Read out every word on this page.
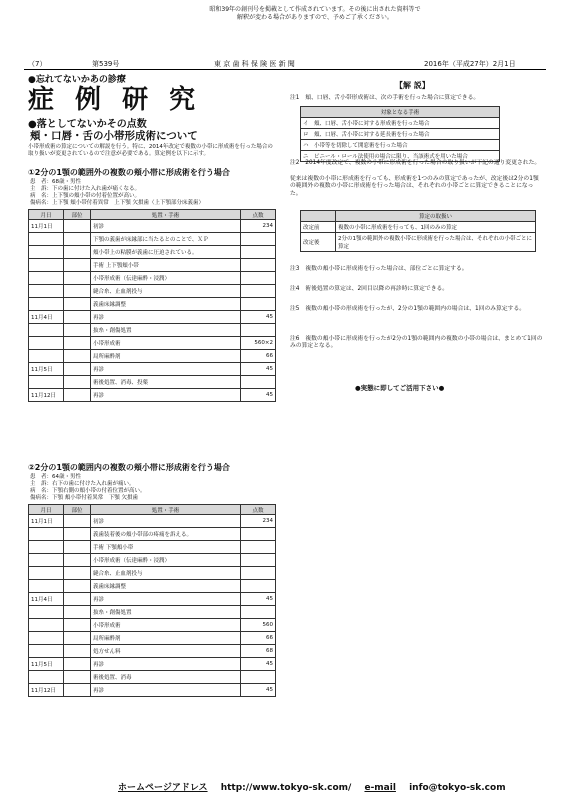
昭和39年の創刊号を掲載として作成されています。その後に出された資料等で
解釈が変わる場合がありますので、予めご了承ください。
（7）	第539号	東 京 歯 科 保 険 医 新 聞	2016年（平成27年）2月1日
●忘れてないかあの診療
症 例 研 究
●落としてないかその点数
頬・口唇・舌の小帯形成術について
小帯形成術の算定についての解説を行う。特に、2014年改定で複数の小帯に形成術を行った場合の取り扱いが変更されているので注意が必要である。算定例を以下に示す。
①2分の1顎の範囲外の複数の頬小帯に形成術を行う場合
患　者：68歳・男性
主　訴：下の歯に付けた入れ歯が痛くなる。
病　名：上下顎の頬小帯の付着位置が高い。
傷病名：上下顎 頬小帯付着異常　上下顎 欠損歯（上下顎部分床義歯）
月日	部位	処置・手術	点数
11月1日		初診	234
		下顎の義歯が床縁部に当たるとのことで、ＸＰ	
		頬小帯上の粘膜が義歯に圧迫されている。	
		手術 上下顎頬小帯	
		小帯形成術（伝達麻酔・浸潤）	
		縫合糸、止血剤投与	
		義歯床縁調整	
11月4日		再診	45
		抜糸・創傷処置	
		小帯形成術	560×2
		局所麻酔剤	66
11月5日		再診	45
		術後処置、消毒、投薬	
11月12日		再診	45
②2分の1顎の範囲内の複数の頬小帯に形成術を行う場合
患　者：64歳・男性
主　訴：右下の歯に付けた入れ歯が痛い。
病　名：下顎右側の頬小帯の付着位置が高い。
傷病名：下顎 頬小帯付着異常　下顎 欠損歯
月日	部位	処置・手術	点数
11月1日		初診	234
		義歯装着後の頬小帯部の疼痛を訴える。	
		手術 下顎頬小帯	
		小帯形成術（伝達麻酔・浸潤）	
		縫合糸、止血剤投与	
		義歯床縁調整	
11月4日		再診	45
		抜糸・創傷処置	
		小帯形成術	560
		局所麻酔剤	66
		処方せん料	68
11月5日		再診	45
		術後処置、消毒	
11月12日		再診	45
【解 説】
注1　頬、口唇、舌小帯形成術は、次の手術を行った場合に算定できる。
対象となる手術
イ　頬、口唇、舌小帯に対する形成術を行った場合
ロ　頬、口唇、舌小帯に対する延長術を行った場合
ハ　小帯等を切除して開窓術を行った場合
ニ　ビニール・ロール法使用の場合に限り、当該術式を用いた場合
注2　2014年度改定で、複数の小帯に形成術を行った場合の取り扱いが下記の通り変更された。
従来は複数の小帯に形成術を行っても、形成術を1つのみの算定であったが、改定後は2分の1顎の範囲外の複数の小帯に形成術を行った場合は、それぞれの小帯ごとに算定できることになった。
	算定の取扱い
改定前	複数の小帯に形成術を行っても、1回のみの算定
改定後	2分の1顎の範囲外の複数小帯に形成術を行った場合は、それぞれの小帯ごとに算定
注3　複数の頬小帯に形成術を行った場合は、部位ごとに算定する。
注4　術後処置の算定は、2回目以降の再診時に算定できる。
注5　複数の頬小帯の形成術を行ったが、2分の1顎の範囲内の場合は、1回のみ算定する。
注6　複数の頬小帯に形成術を行ったが2分の1顎の範囲内の複数の小帯の場合は、まとめて1回のみの算定となる。
●実態に即してご活用下さい●
ホームページアドレス http://www.tokyo-sk.com/ e-mail info@tokyo-sk.com
